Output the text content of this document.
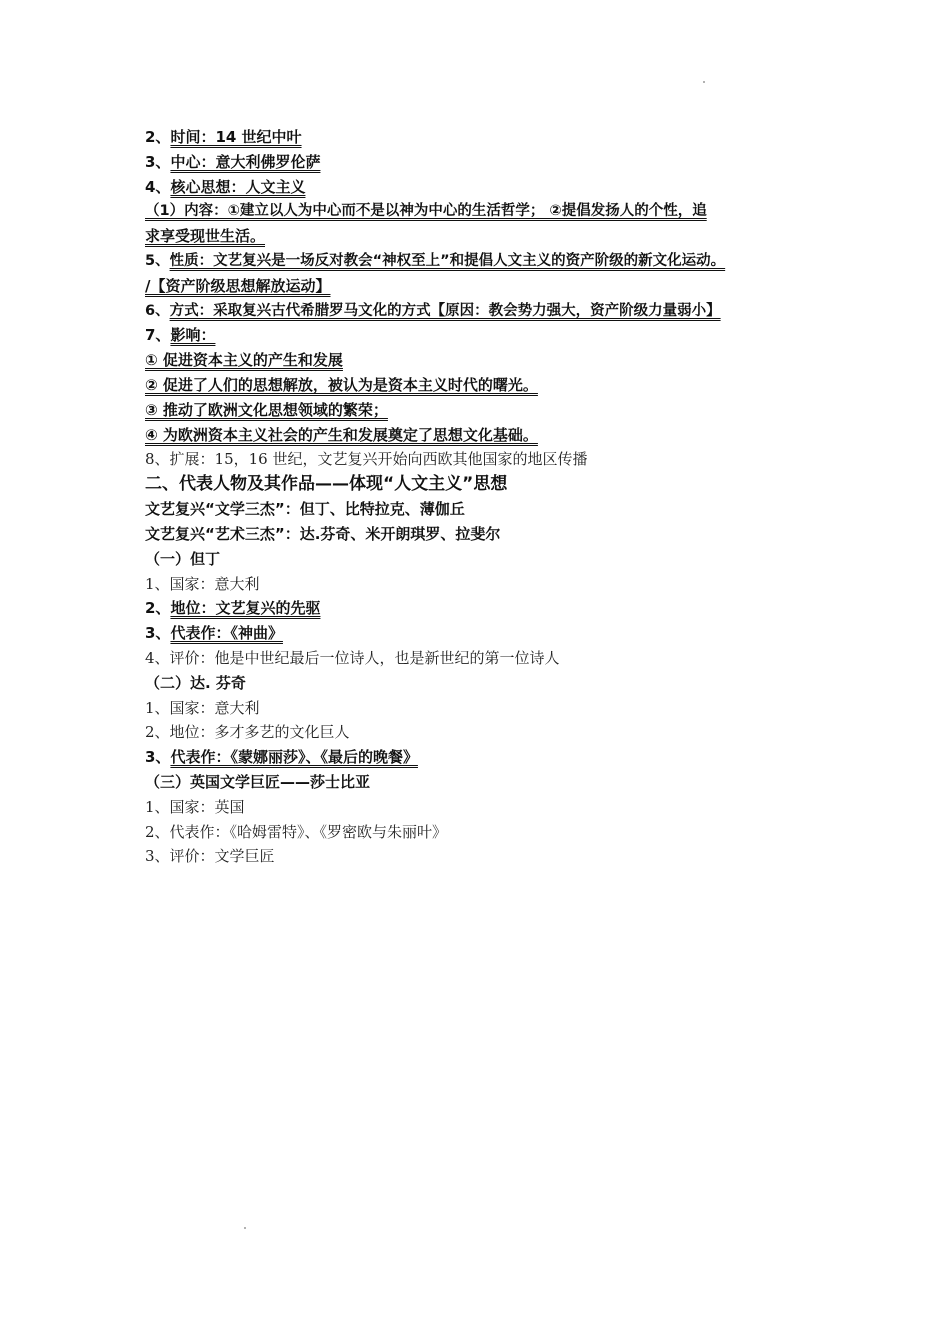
2、时间：14 世纪中叶
3、中心：意大利佛罗伦萨
4、核心思想：人文主义
（1）内容：①建立以人为中心而不是以神为中心的生活哲学； ②提倡发扬人的个性，追
求享受现世生活。
5、性质：文艺复兴是一场反对教会“神权至上”和提倡人文主义的资产阶级的新文化运动。
/【资产阶级思想解放运动】
6、方式：采取复兴古代希腊罗马文化的方式【原因：教会势力强大，资产阶级力量弱小】
7、影响：
① 促进资本主义的产生和发展
② 促进了人们的思想解放，被认为是资本主义时代的曙光。
③ 推动了欧洲文化思想领域的繁荣；
④ 为欧洲资本主义社会的产生和发展奠定了思想文化基础。
8、扩展：15，16 世纪，文艺复兴开始向西欧其他国家的地区传播
二、代表人物及其作品——体现“人文主义”思想
文艺复兴“文学三杰”：但丁、比特拉克、薄伽丘
文艺复兴“艺术三杰”：达.芬奇、米开朗琪罗、拉斐尔
（一）但丁
1、国家：意大利
2、地位：文艺复兴的先驱
3、代表作：《神曲》
4、评价：他是中世纪最后一位诗人，也是新世纪的第一位诗人
（二）达. 芬奇
1、国家：意大利
2、地位：多才多艺的文化巨人
3、代表作：《蒙娜丽莎》、《最后的晚餐》
（三）英国文学巨匠——莎士比亚
1、国家：英国
2、代表作：《哈姆雷特》、《罗密欧与朱丽叶》
3、评价：文学巨匠
